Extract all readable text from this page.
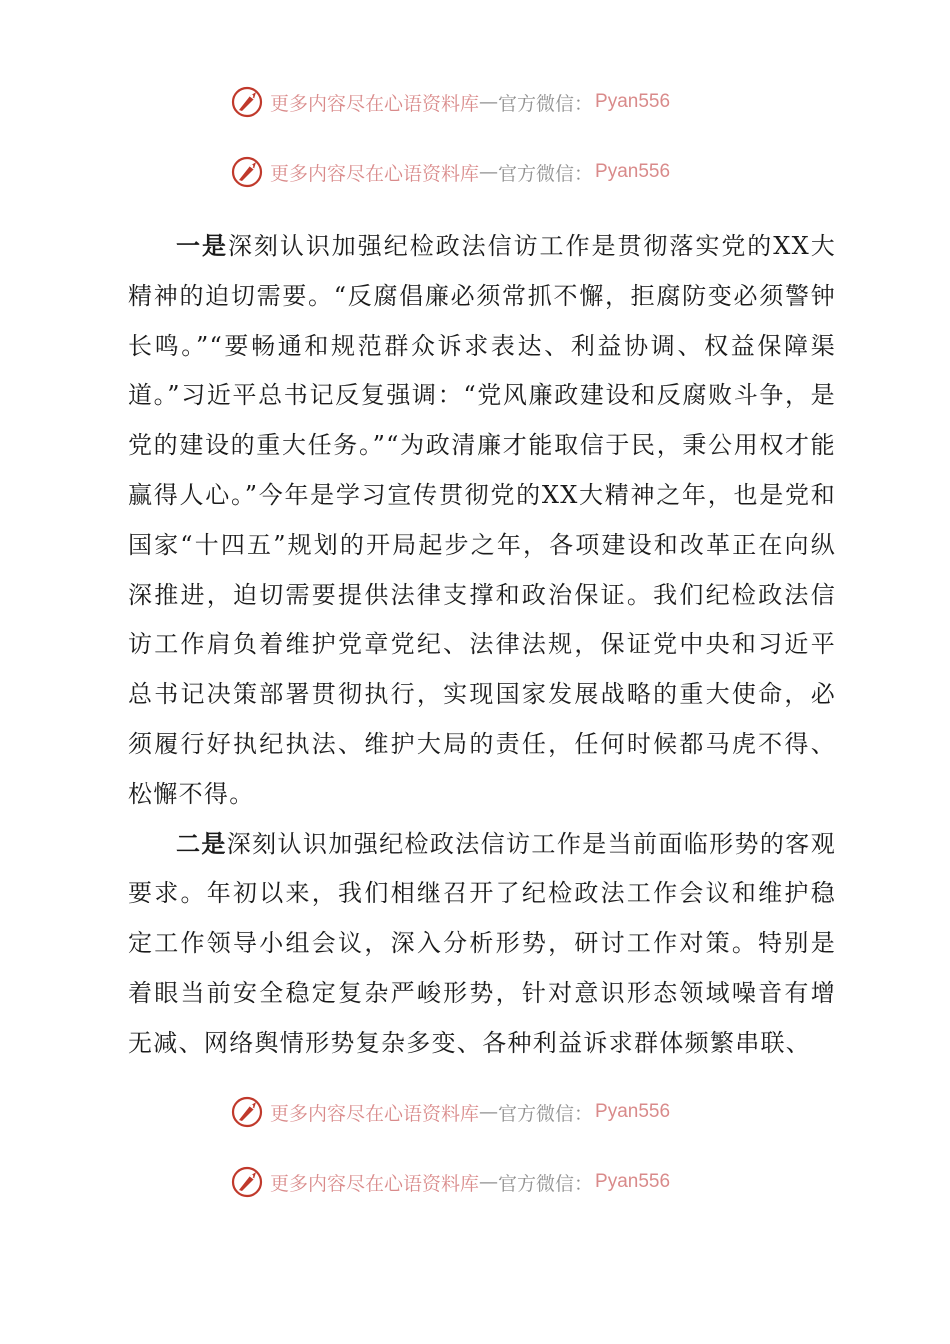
更多内容尽在心语资料库 — 官方微信： Pyan556
更多内容尽在心语资料库 — 官方微信： Pyan556

一是深刻认识加强纪检政法信访工作是贯彻落实党的XX大精神的迫切需要。“反腐倡廉必须常抓不懈，拒腐防变必须警钟长鸣。”“要畅通和规范群众诉求表达、利益协调、权益保障渠道。”习近平总书记反复强调：“党风廉政建设和反腐败斗争，是党的建设的重大任务。”“为政清廉才能取信于民，秉公用权才能赢得人心。”今年是学习宣传贯彻党的XX大精神之年，也是党和国家“十四五”规划的开局起步之年，各项建设和改革正在向纵深推进，迫切需要提供法律支撑和政治保证。我们纪检政法信访工作肩负着维护党章党纪、法律法规，保证党中央和习近平总书记决策部署贯彻执行，实现国家发展战略的重大使命，必须履行好执纪执法、维护大局的责任，任何时候都马虎不得、松懈不得。

二是深刻认识加强纪检政法信访工作是当前面临形势的客观要求。年初以来，我们相继召开了纪检政法工作会议和维护稳定工作领导小组会议，深入分析形势，研讨工作对策。特别是着眼当前安全稳定复杂严峻形势，针对意识形态领域噪音有增无减、网络舆情形势复杂多变、各种利益诉求群体频繁串联、

更多内容尽在心语资料库 — 官方微信： Pyan556
更多内容尽在心语资料库 — 官方微信： Pyan556
